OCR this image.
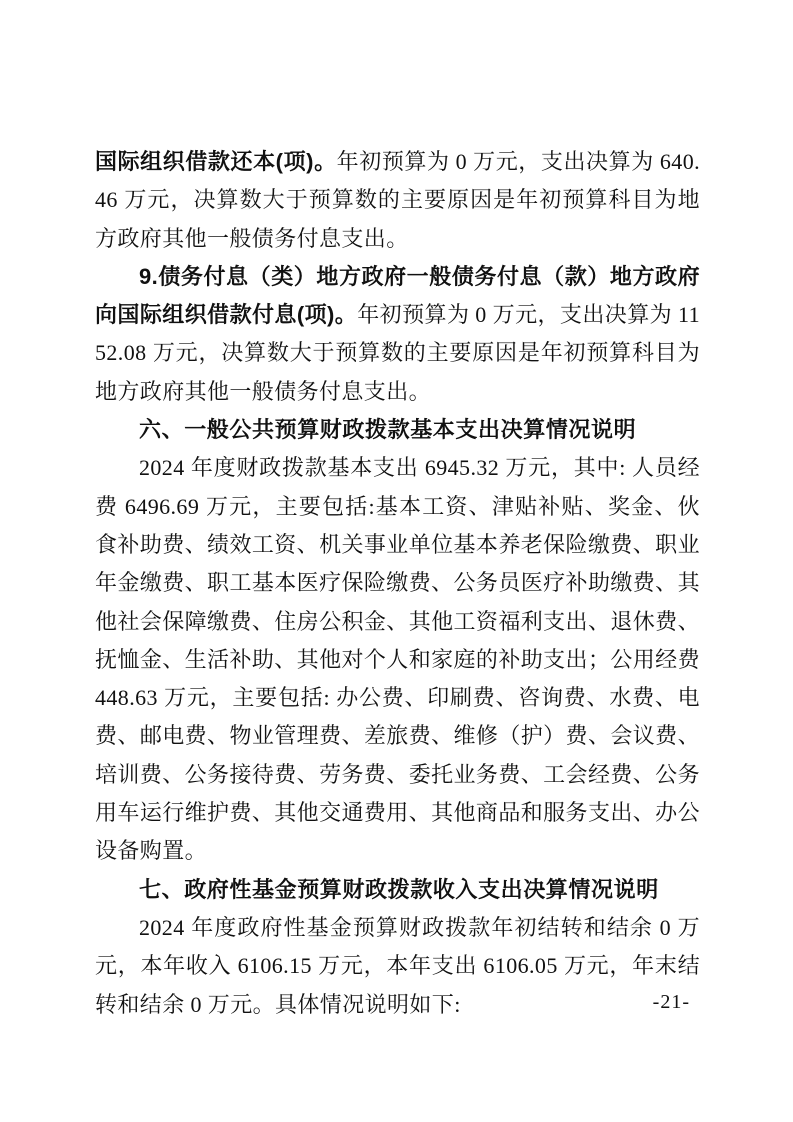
国际组织借款还本(项)。年初预算为 0 万元，支出决算为 640.46 万元，决算数大于预算数的主要原因是年初预算科目为地方政府其他一般债务付息支出。

9.债务付息（类）地方政府一般债务付息（款）地方政府向国际组织借款付息(项)。年初预算为 0 万元，支出决算为 1152.08 万元，决算数大于预算数的主要原因是年初预算科目为地方政府其他一般债务付息支出。

六、一般公共预算财政拨款基本支出决算情况说明

2024 年度财政拨款基本支出 6945.32 万元，其中: 人员经费 6496.69 万元，主要包括:基本工资、津贴补贴、奖金、伙食补助费、绩效工资、机关事业单位基本养老保险缴费、职业年金缴费、职工基本医疗保险缴费、公务员医疗补助缴费、其他社会保障缴费、住房公积金、其他工资福利支出、退休费、抚恤金、生活补助、其他对个人和家庭的补助支出；公用经费 448.63 万元，主要包括: 办公费、印刷费、咨询费、水费、电费、邮电费、物业管理费、差旅费、维修（护）费、会议费、培训费、公务接待费、劳务费、委托业务费、工会经费、公务用车运行维护费、其他交通费用、其他商品和服务支出、办公设备购置。

七、政府性基金预算财政拨款收入支出决算情况说明

2024 年度政府性基金预算财政拨款年初结转和结余 0 万元，本年收入 6106.15 万元，本年支出 6106.05 万元，年末结转和结余 0 万元。具体情况说明如下:	-21-
